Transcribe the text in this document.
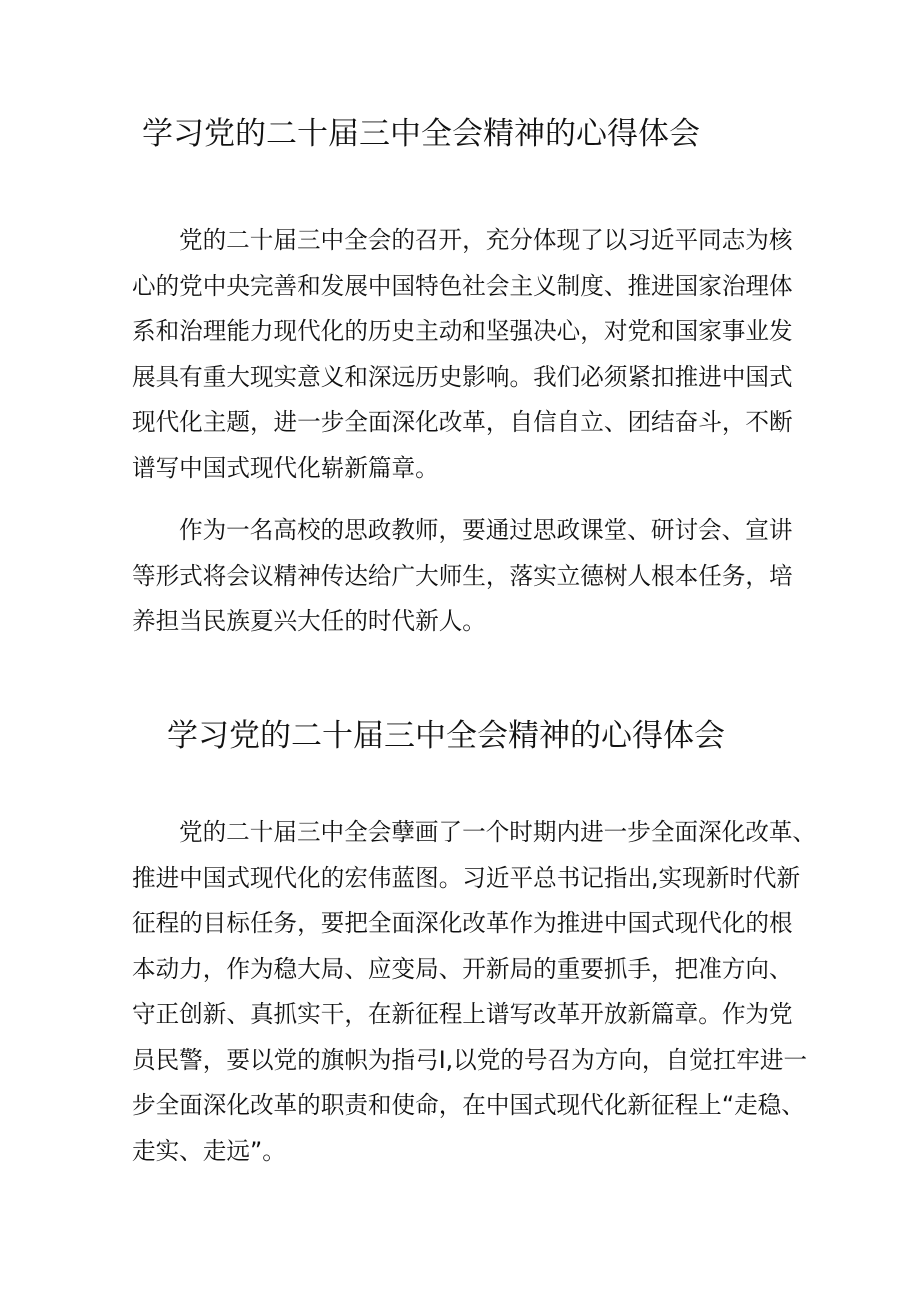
学习党的二十届三中全会精神的心得体会
党的二十届三中全会的召开，充分体现了以习近平同志为核
心的党中央完善和发展中国特色社会主义制度、推进国家治理体
系和治理能力现代化的历史主动和坚强决心，对党和国家事业发
展具有重大现实意义和深远历史影响。我们必须紧扣推进中国式
现代化主题，进一步全面深化改革，自信自立、团结奋斗，不断
谱写中国式现代化崭新篇章。
作为一名高校的思政教师，要通过思政课堂、研讨会、宣讲
等形式将会议精神传达给广大师生，落实立德树人根本任务，培
养担当民族夏兴大任的时代新人。
学习党的二十届三中全会精神的心得体会
党的二十届三中全会孽画了一个时期内进一步全面深化改革、
推进中国式现代化的宏伟蓝图。习近平总书记指出,实现新时代新
征程的目标任务，要把全面深化改革作为推进中国式现代化的根
本动力，作为稳大局、应变局、开新局的重要抓手，把准方向、
守正创新、真抓实干，在新征程上谱写改革开放新篇章。作为党
员民警，要以党的旗帜为指弓I,以党的号召为方向，自觉扛牢进一
步全面深化改革的职责和使命，在中国式现代化新征程上“走稳、
走实、走远”。
